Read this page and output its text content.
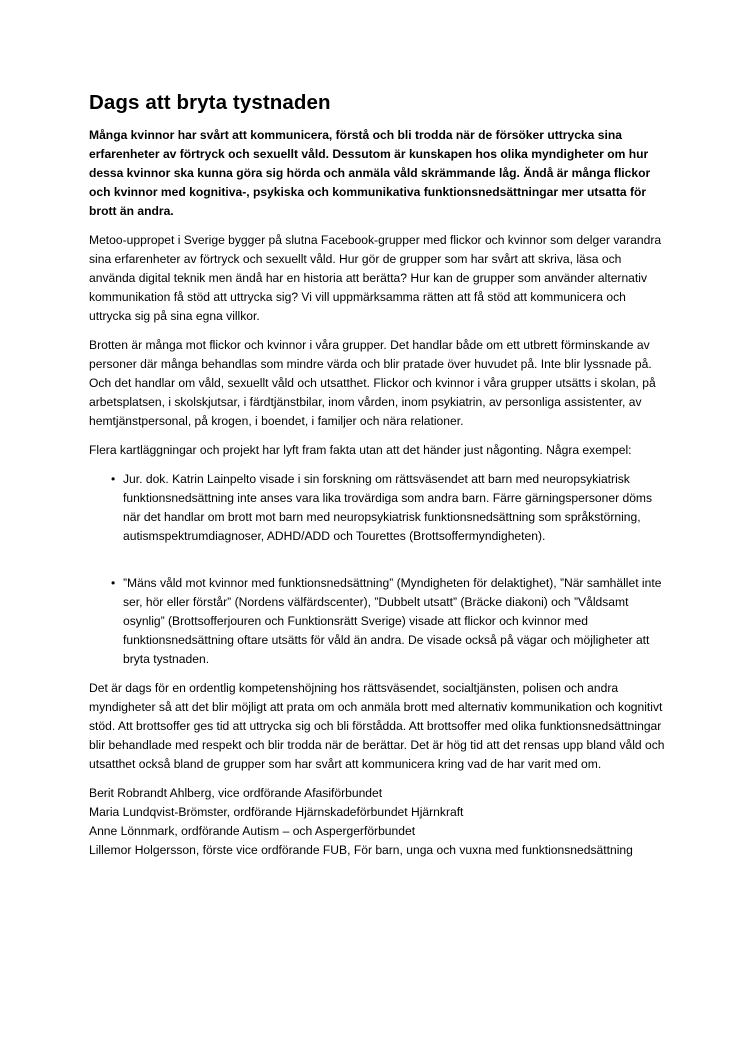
Dags att bryta tystnaden

Många kvinnor har svårt att kommunicera, förstå och bli trodda när de försöker uttrycka sina erfarenheter av förtryck och sexuellt våld. Dessutom är kunskapen hos olika myndigheter om hur dessa kvinnor ska kunna göra sig hörda och anmäla våld skrämmande låg. Ändå är många flickor och kvinnor med kognitiva-, psykiska och kommunikativa funktionsnedsättningar mer utsatta för brott än andra.

Metoo-uppropet i Sverige bygger på slutna Facebook-grupper med flickor och kvinnor som delger varandra sina erfarenheter av förtryck och sexuellt våld. Hur gör de grupper som har svårt att skriva, läsa och använda digital teknik men ändå har en historia att berätta? Hur kan de grupper som använder alternativ kommunikation få stöd att uttrycka sig? Vi vill uppmärksamma rätten att få stöd att kommunicera och uttrycka sig på sina egna villkor.

Brotten är många mot flickor och kvinnor i våra grupper. Det handlar både om ett utbrett förminskande av personer där många behandlas som mindre värda och blir pratade över huvudet på. Inte blir lyssnade på. Och det handlar om våld, sexuellt våld och utsatthet. Flickor och kvinnor i våra grupper utsätts i skolan, på arbetsplatsen, i skolskjutsar, i färdtjänstbilar, inom vården, inom psykiatrin, av personliga assistenter, av hemtjänstpersonal, på krogen, i boendet, i familjer och nära relationer.

Flera kartläggningar och projekt har lyft fram fakta utan att det händer just någonting. Några exempel:

• Jur. dok. Katrin Lainpelto visade i sin forskning om rättsväsendet att barn med neuropsykiatrisk funktionsnedsättning inte anses vara lika trovärdiga som andra barn. Färre gärningspersoner döms när det handlar om brott mot barn med neuropsykiatrisk funktionsnedsättning som språkstörning, autismspektrumdiagnoser, ADHD/ADD och Tourettes (Brottsoffermyndigheten).
• ”Mäns våld mot kvinnor med funktionsnedsättning” (Myndigheten för delaktighet), ”När samhället inte ser, hör eller förstår” (Nordens välfärdscenter), ”Dubbelt utsatt” (Bräcke diakoni) och ”Våldsamt osynlig” (Brottsofferjouren och Funktionsrätt Sverige) visade att flickor och kvinnor med funktionsnedsättning oftare utsätts för våld än andra. De visade också på vägar och möjligheter att bryta tystnaden.

Det är dags för en ordentlig kompetenshöjning hos rättsväsendet, socialtjänsten, polisen och andra myndigheter så att det blir möjligt att prata om och anmäla brott med alternativ kommunikation och kognitivt stöd. Att brottsoffer ges tid att uttrycka sig och bli förstådda. Att brottsoffer med olika funktionsnedsättningar blir behandlade med respekt och blir trodda när de berättar. Det är hög tid att det rensas upp bland våld och utsatthet också bland de grupper som har svårt att kommunicera kring vad de har varit med om.

Berit Robrandt Ahlberg, vice ordförande Afasiförbundet

Maria Lundqvist-Brömster, ordförande Hjärnskadeförbundet Hjärnkraft

Anne Lönnmark, ordförande Autism – och Aspergerförbundet

Lillemor Holgersson, förste vice ordförande FUB, För barn, unga och vuxna med funktionsnedsättning
